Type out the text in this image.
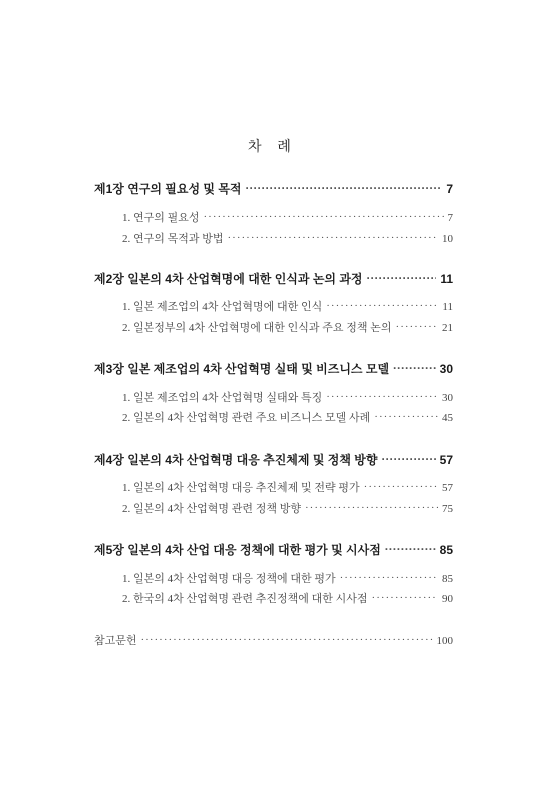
차 례
제1장 연구의 필요성 및 목적 ·····	7
1. 연구의 필요성 ·····	7
2. 연구의 목적과 방법 ·····	10
제2장 일본의 4차 산업혁명에 대한 인식과 논의 과정 ·····	11
1. 일본 제조업의 4차 산업혁명에 대한 인식 ·····	11
2. 일본정부의 4차 산업혁명에 대한 인식과 주요 정책 논의 ·····	21
제3장 일본 제조업의 4차 산업혁명 실태 및 비즈니스 모델 ·····	30
1. 일본 제조업의 4차 산업혁명 실태와 특징 ·····	30
2. 일본의 4차 산업혁명 관련 주요 비즈니스 모델 사례 ·····	45
제4장 일본의 4차 산업혁명 대응 추진체제 및 정책 방향 ·····	57
1. 일본의 4차 산업혁명 대응 추진체제 및 전략 평가 ·····	57
2. 일본의 4차 산업혁명 관련 정책 방향 ·····	75
제5장 일본의 4차 산업 대응 정책에 대한 평가 및 시사점 ·····	85
1. 일본의 4차 산업혁명 대응 정책에 대한 평가 ·····	85
2. 한국의 4차 산업혁명 관련 추진정책에 대한 시사점 ·····	90
참고문헌 ·····	100
